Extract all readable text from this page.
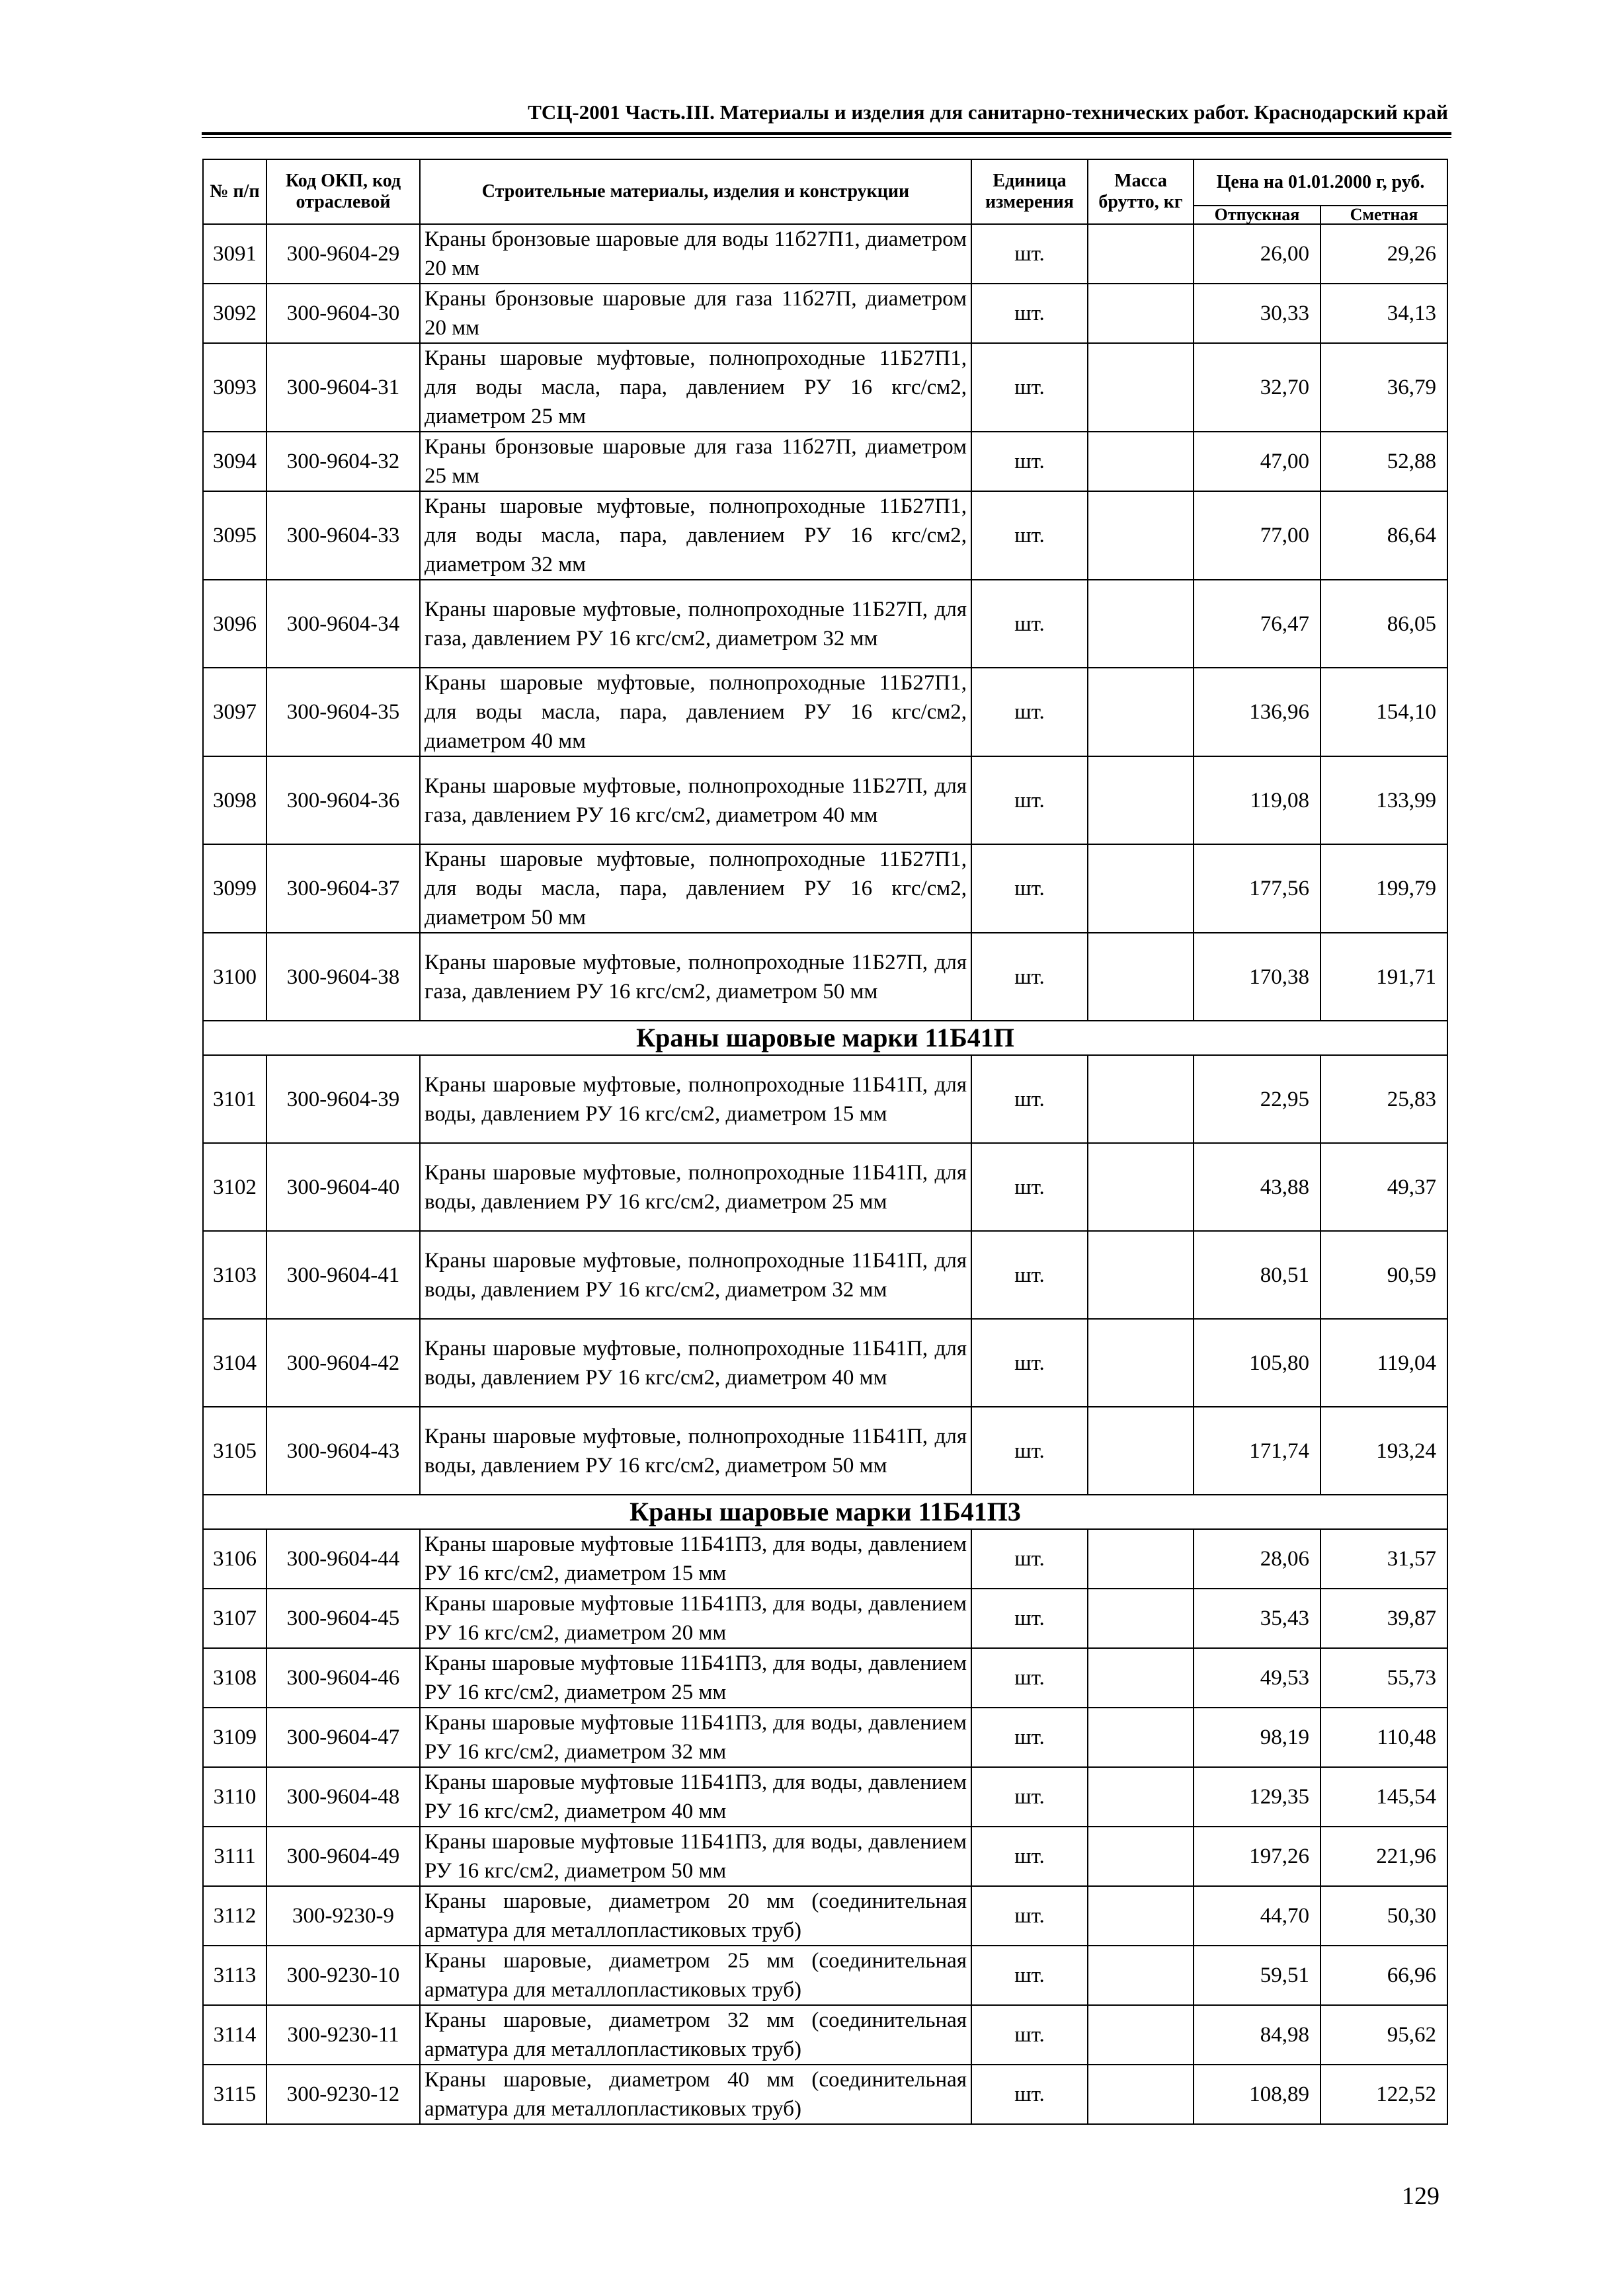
ТСЦ-2001 Часть.III. Материалы и изделия для санитарно-технических работ. Краснодарский край
№ п/п	Код ОКП, код отраслевой	Строительные материалы, изделия и конструкции	Единица измерения	Масса брутто, кг	Цена на 01.01.2000 г, руб.	
					Отпускная	Сметная
3091	300-9604-29	Краны бронзовые шаровые для воды 11б27П1, диаметром 20 мм	шт.		26,00	29,26
3092	300-9604-30	Краны бронзовые шаровые для газа 11б27П, диаметром 20 мм	шт.		30,33	34,13
3093	300-9604-31	Краны шаровые муфтовые, полнопроходные 11Б27П1, для воды масла, пара, давлением РУ 16 кгс/см2, диаметром 25 мм	шт.		32,70	36,79
3094	300-9604-32	Краны бронзовые шаровые для газа 11б27П, диаметром 25 мм	шт.		47,00	52,88
3095	300-9604-33	Краны шаровые муфтовые, полнопроходные 11Б27П1, для воды масла, пара, давлением РУ 16 кгс/см2, диаметром 32 мм	шт.		77,00	86,64
3096	300-9604-34	Краны шаровые муфтовые, полнопроходные 11Б27П, для газа, давлением РУ 16 кгс/см2, диаметром 32 мм	шт.		76,47	86,05
3097	300-9604-35	Краны шаровые муфтовые, полнопроходные 11Б27П1, для воды масла, пара, давлением РУ 16 кгс/см2, диаметром 40 мм	шт.		136,96	154,10
3098	300-9604-36	Краны шаровые муфтовые, полнопроходные 11Б27П, для газа, давлением РУ 16 кгс/см2, диаметром 40 мм	шт.		119,08	133,99
3099	300-9604-37	Краны шаровые муфтовые, полнопроходные 11Б27П1, для воды масла, пара, давлением РУ 16 кгс/см2, диаметром 50 мм	шт.		177,56	199,79
3100	300-9604-38	Краны шаровые муфтовые, полнопроходные 11Б27П, для газа, давлением РУ 16 кгс/см2, диаметром 50 мм	шт.		170,38	191,71
Краны шаровые марки 11Б41П						
3101	300-9604-39	Краны шаровые муфтовые, полнопроходные 11Б41П, для воды, давлением РУ 16 кгс/см2, диаметром 15 мм	шт.		22,95	25,83
3102	300-9604-40	Краны шаровые муфтовые, полнопроходные 11Б41П, для воды, давлением РУ 16 кгс/см2, диаметром 25 мм	шт.		43,88	49,37
3103	300-9604-41	Краны шаровые муфтовые, полнопроходные 11Б41П, для воды, давлением РУ 16 кгс/см2, диаметром 32 мм	шт.		80,51	90,59
3104	300-9604-42	Краны шаровые муфтовые, полнопроходные 11Б41П, для воды, давлением РУ 16 кгс/см2, диаметром 40 мм	шт.		105,80	119,04
3105	300-9604-43	Краны шаровые муфтовые, полнопроходные 11Б41П, для воды, давлением РУ 16 кгс/см2, диаметром 50 мм	шт.		171,74	193,24
Краны шаровые марки 11Б41П3						
3106	300-9604-44	Краны шаровые муфтовые 11Б41П3, для воды, давлением РУ 16 кгс/см2, диаметром 15 мм	шт.		28,06	31,57
3107	300-9604-45	Краны шаровые муфтовые 11Б41П3, для воды, давлением РУ 16 кгс/см2, диаметром 20 мм	шт.		35,43	39,87
3108	300-9604-46	Краны шаровые муфтовые 11Б41П3, для воды, давлением РУ 16 кгс/см2, диаметром 25 мм	шт.		49,53	55,73
3109	300-9604-47	Краны шаровые муфтовые 11Б41П3, для воды, давлением РУ 16 кгс/см2, диаметром 32 мм	шт.		98,19	110,48
3110	300-9604-48	Краны шаровые муфтовые 11Б41П3, для воды, давлением РУ 16 кгс/см2, диаметром 40 мм	шт.		129,35	145,54
3111	300-9604-49	Краны шаровые муфтовые 11Б41П3, для воды, давлением РУ 16 кгс/см2, диаметром 50 мм	шт.		197,26	221,96
3112	300-9230-9	Краны шаровые, диаметром 20 мм (соединительная арматура для металлопластиковых труб)	шт.		44,70	50,30
3113	300-9230-10	Краны шаровые, диаметром 25 мм (соединительная арматура для металлопластиковых труб)	шт.		59,51	66,96
3114	300-9230-11	Краны шаровые, диаметром 32 мм (соединительная арматура для металлопластиковых труб)	шт.		84,98	95,62
3115	300-9230-12	Краны шаровые, диаметром 40 мм (соединительная арматура для металлопластиковых труб)	шт.		108,89	122,52
129
